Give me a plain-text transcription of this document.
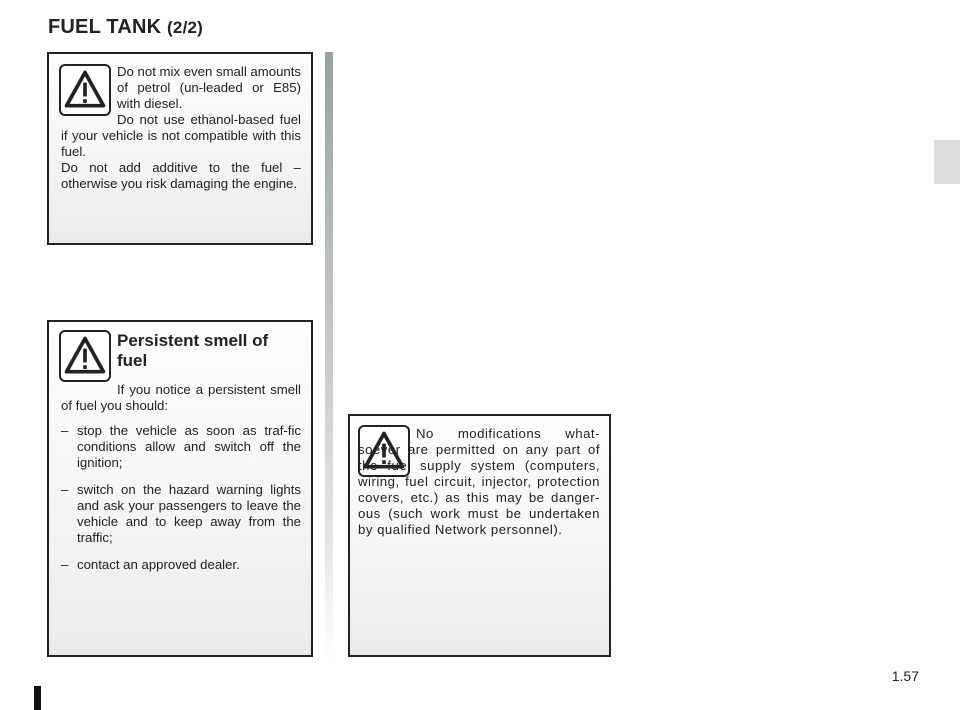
FUEL TANK (2/2)

Do not mix even small amounts of petrol (un-leaded or E85) with diesel.

Do not use ethanol-based fuel if your vehicle is not compatible with this fuel.

Do not add additive to the fuel – otherwise you risk damaging the engine.

Persistent smell of fuel

If you notice a persistent smell of fuel you should:

– stop the vehicle as soon as traf-fic conditions allow and switch off the ignition;
– switch on the hazard warning lights and ask your passengers to leave the vehicle and to keep away from the traffic;
– contact an approved dealer.

No modifications what-soever are permitted on any part of the fuel supply system (computers, wiring, fuel circuit, injector, protection covers, etc.) as this may be danger-ous (such work must be undertaken by qualified Network personnel).

1.57
